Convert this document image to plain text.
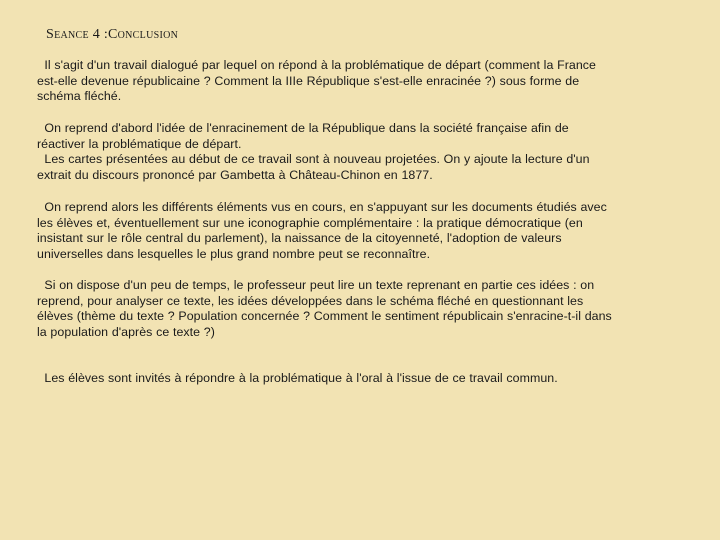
Seance 4 :Conclusion
Il s'agit d'un travail dialogué par lequel on répond à la problématique de départ (comment la France
est-elle devenue républicaine ? Comment la IIIe République s'est-elle enracinée ?) sous forme de
schéma fléché.
On reprend d'abord l'idée de l'enracinement de la République dans la société française afin de
réactiver la problématique de départ.
Les cartes présentées au début de ce travail sont à nouveau projetées. On y ajoute la lecture d'un
extrait du discours prononcé par Gambetta à Château-Chinon en 1877.
On reprend alors les différents éléments vus en cours, en s'appuyant sur les documents étudiés avec
les élèves et, éventuellement sur une iconographie complémentaire : la pratique démocratique (en
insistant sur le rôle central du parlement), la naissance de la citoyenneté, l'adoption de valeurs
universelles dans lesquelles le plus grand nombre peut se reconnaître.
Si on dispose d'un peu de temps, le professeur peut lire un texte reprenant en partie ces idées : on
reprend, pour analyser ce texte, les idées développées dans le schéma fléché en questionnant les
élèves (thème du texte ? Population concernée ? Comment le sentiment républicain s'enracine-t-il dans
la population d'après ce texte ?)
Les élèves sont invités à répondre à la problématique à l'oral à l'issue de ce travail commun.
